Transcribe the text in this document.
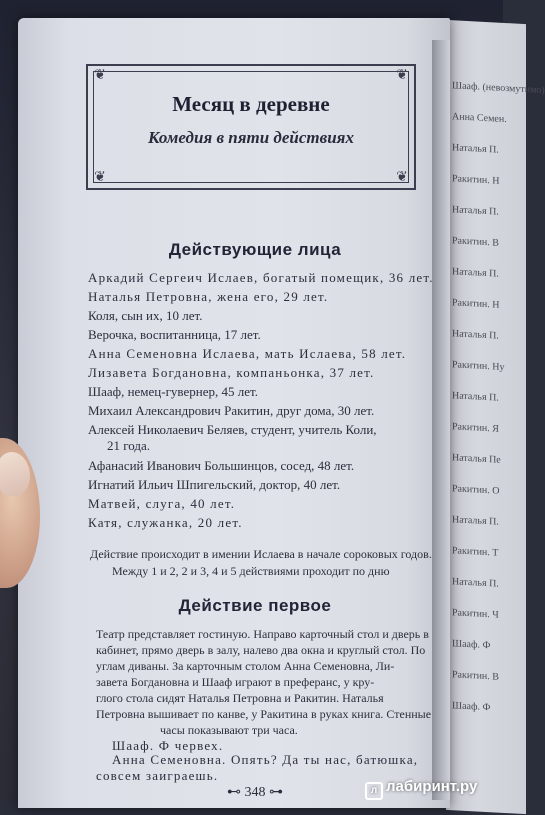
Шааф. (невозмутимо)
Анна Семен.
Наталья П.
Ракитин. Н
Наталья П.
Ракитин. В
Наталья П.
Ракитин. Н
Наталья П.
Ракитин. Ну
Наталья П.
Ракитин. Я
Наталья Пе
Ракитин. О
Наталья П.
Ракитин. Т
Наталья П.
Ракитин. Ч
Шааф. Ф
Ракитин. В
Шааф. Ф
❦	❦
❦	❦
Месяц в деревне
Комедия в пяти действиях
Действующие лица
Аркадий Сергеич Ислаев, богатый помещик, 36 лет.
Наталья Петровна, жена его, 29 лет.
Коля, сын их, 10 лет.
Верочка, воспитанница, 17 лет.
Анна Семеновна Ислаева, мать Ислаева, 58 лет.
Лизавета Богдановна, компаньонка, 37 лет.
Шааф, немец-гувернер, 45 лет.
Михаил Александрович Ракитин, друг дома, 30 лет.
Алексей Николаевич Беляев, студент, учитель Коли,
21 года.
Афанасий Иванович Большинцов, сосед, 48 лет.
Игнатий Ильич Шпигельский, доктор, 40 лет.
Матвей, слуга, 40 лет.
Катя, служанка, 20 лет.
Действие происходит в имении Ислаева в начале сороковых годов.
Между 1 и 2, 2 и 3, 4 и 5 действиями проходит по дню
Действие первое
Театр представляет гостиную. Направо карточный стол и дверь в
кабинет, прямо дверь в залу, налево два окна и круглый стол. По
углам диваны. За карточным столом Анна Семеновна, Ли-
завета Богдановна и Шааф играют в преферанс, у кру-
глого стола сидят Наталья Петровна и Ракитин. Наталья
Петровна вышивает по канве, у Ракитина в руках книга. Стенные
часы показывают три часа.
Шааф. Ф червех.
⊷ 348 ⊶
Анна Семеновна. Опять? Да ты нас, батюшка,
совсем заиграешь.
л лабиринт.ру
